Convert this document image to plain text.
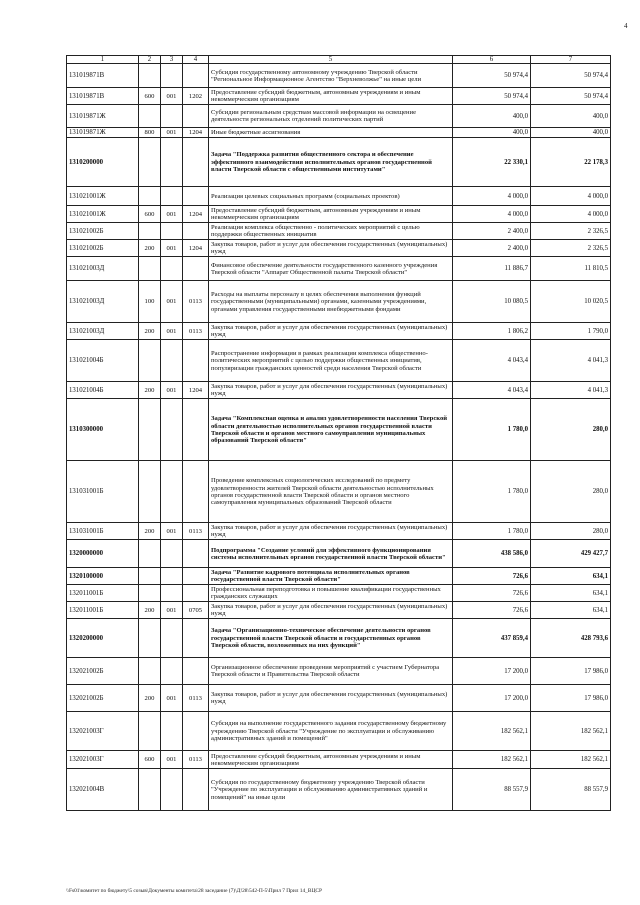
4
1	2	3	4	5	6	7
131019871В				Субсидия государственному автономному учреждению Тверской области "Региональное Информационное Агентство "Верхневолжье" на иные цели	50 974,4	50 974,4
131019871В	600	001	1202	Предоставление субсидий бюджетным, автономным учреждениям и иным некоммерческим организациям	50 974,4	50 974,4
131019871Ж				Субсидии региональным средствам массовой информации на освещение деятельности региональных отделений политических партий	400,0	400,0
131019871Ж	800	001	1204	Иные бюджетные ассигнования	400,0	400,0
1310200000				Задача "Поддержка развития общественного сектора и обеспечение эффективного взаимодействия исполнительных органов государственной власти Тверской области с общественными институтами"	22 330,1	22 178,3
131021001Ж				Реализация целевых социальных программ (социальных проектов)	4 000,0	4 000,0
131021001Ж	600	001	1204	Предоставление субсидий бюджетным, автономным учреждениям и иным некоммерческим организациям	4 000,0	4 000,0
131021002Б				Реализация комплекса общественно - политических мероприятий с целью поддержки общественных инициатив	2 400,0	2 326,5
131021002Б	200	001	1204	Закупка товаров, работ и услуг для обеспечения государственных (муниципальных) нужд	2 400,0	2 326,5
131021003Д				Финансовое обеспечение деятельности государственного казенного учреждения Тверской области "Аппарат Общественной палаты Тверской области"	11 886,7	11 810,5
131021003Д	100	001	0113	Расходы на выплаты персоналу в целях обеспечения выполнения функций государственными (муниципальными) органами, казенными учреждениями, органами управления государственными внебюджетными фондами	10 080,5	10 020,5
131021003Д	200	001	0113	Закупка товаров, работ и услуг для обеспечения государственных (муниципальных) нужд	1 806,2	1 790,0
131021004Б				Распространение информации в рамках реализации комплекса общественно-политических мероприятий с целью поддержки общественных инициатив, популяризации гражданских ценностей среди населения Тверской области	4 043,4	4 041,3
131021004Б	200	001	1204	Закупка товаров, работ и услуг для обеспечения государственных (муниципальных) нужд	4 043,4	4 041,3
1310300000				Задача "Комплексная оценка и анализ удовлетворенности населения Тверской области деятельностью исполнительных органов государственной власти Тверской области и органов местного самоуправления муниципальных образований Тверской области"	1 780,0	280,0
131031001Б				Проведение комплексных социологических исследований по предмету удовлетворенности жителей Тверской области деятельностью исполнительных органов государственной власти Тверской области и органов местного самоуправления муниципальных образований Тверской области	1 780,0	280,0
131031001Б	200	001	0113	Закупка товаров, работ и услуг для обеспечения государственных (муниципальных) нужд	1 780,0	280,0
1320000000				Подпрограмма "Создание условий для эффективного функционирования системы исполнительных органов государственной власти Тверской области"	438 586,0	429 427,7
1320100000				Задача "Развитие кадрового потенциала исполнительных органов государственной власти Тверской области"	726,6	634,1
132011001Б				Профессиональная переподготовка и повышение квалификации государственных гражданских служащих	726,6	634,1
132011001Б	200	001	0705	Закупка товаров, работ и услуг для обеспечения государственных (муниципальных) нужд	726,6	634,1
1320200000				Задача "Организационно-техническое обеспечение деятельности органов государственной власти Тверской области и государственных органов Тверской области, возложенных на них функций"	437 859,4	428 793,6
132021002Б				Организационное обеспечение проведения мероприятий с участием Губернатора Тверской области и Правительства Тверской области	17 200,0	17 986,0
132021002Б	200	001	0113	Закупка товаров, работ и услуг для обеспечения государственных (муниципальных) нужд	17 200,0	17 986,0
132021003Г				Субсидия на выполнение государственного задания государственному бюджетному учреждению Тверской области "Учреждение по эксплуатации и обслуживанию административных зданий и помещений"	182 562,1	182 562,1
132021003Г	600	001	0113	Предоставление субсидий бюджетным, автономным учреждениям и иным некоммерческим организациям	182 562,1	182 562,1
132021004В				Субсидия по государственному бюджетному учреждению Тверской области "Учреждение по эксплуатации и обслуживанию административных зданий и помещений" на иные цели	88 557,9	88 557,9
\\Fs01\комитет по бюджету\5 созыв\Документы комитета\28 заседание (7)\Д!28\542-П-5\Прил 7 Прил 14_ВЦСР
